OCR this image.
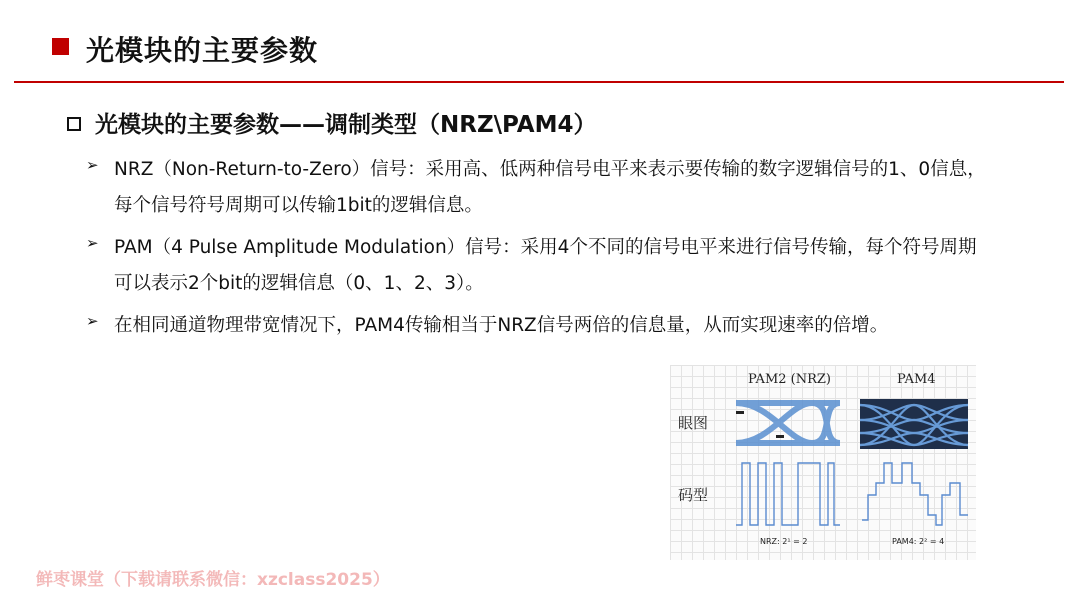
光模块的主要参数
光模块的主要参数——调制类型（NRZ\PAM4）
➢ NRZ（Non-Return-to-Zero）信号：采用高、低两种信号电平来表示要传输的数字逻辑信号的1、0信息，每个信号符号周期可以传输1bit的逻辑信息。
➢ PAM（4 Pulse Amplitude Modulation）信号：采用4个不同的信号电平来进行信号传输，每个符号周期可以表示2个bit的逻辑信息（0、1、2、3）。
➢ 在相同通道物理带宽情况下，PAM4传输相当于NRZ信号两倍的信息量，从而实现速率的倍增。
PAM2 (NRZ)	PAM4
眼图
码型
NRZ: 2¹ = 2	PAM4: 2² = 4
鲜枣课堂（下载请联系微信：xzclass2025）
